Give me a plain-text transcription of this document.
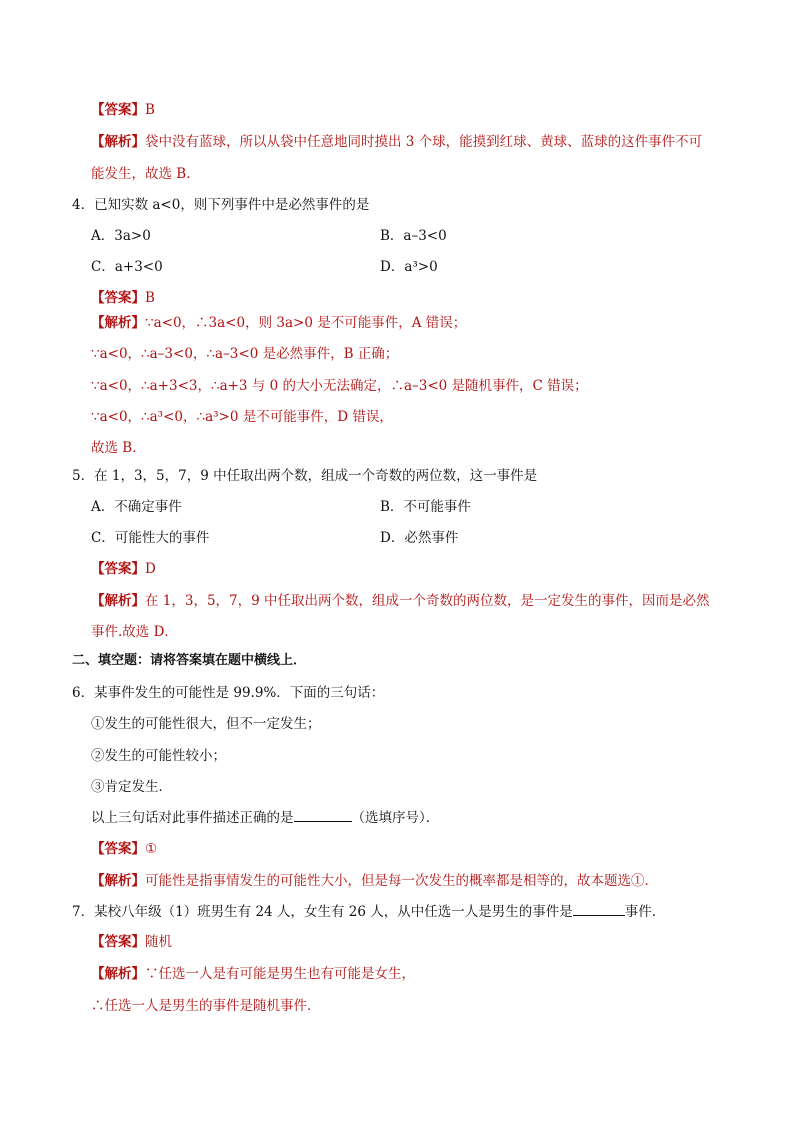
【答案】B
【解析】袋中没有蓝球，所以从袋中任意地同时摸出 3 个球，能摸到红球、黄球、蓝球的这件事件不可
能发生，故选 B．
4．已知实数 a<0，则下列事件中是必然事件的是
A．3a>0	B．a–3<0
C．a+3<0	D．a³>0
【答案】B
【解析】∵a<0，∴3a<0，则 3a>0 是不可能事件，A 错误；
∵a<0，∴a–3<0，∴a–3<0 是必然事件，B 正确；
∵a<0，∴a+3<3，∴a+3 与 0 的大小无法确定，∴a–3<0 是随机事件，C 错误；
∵a<0，∴a³<0，∴a³>0 是不可能事件，D 错误，
故选 B．
5．在 1，3，5，7，9 中任取出两个数，组成一个奇数的两位数，这一事件是
A．不确定事件	B．不可能事件
C．可能性大的事件	D．必然事件
【答案】D
【解析】在 1，3，5，7，9 中任取出两个数，组成一个奇数的两位数，是一定发生的事件，因而是必然
事件.故选 D．
二、填空题：请将答案填在题中横线上．
6．某事件发生的可能性是 99.9%．下面的三句话：
①发生的可能性很大，但不一定发生；
②发生的可能性较小；
③肯定发生．
以上三句话对此事件描述正确的是	（选填序号）．
【答案】①
【解析】可能性是指事情发生的可能性大小，但是每一次发生的概率都是相等的，故本题选①．
7．某校八年级（1）班男生有 24 人，女生有 26 人，从中任选一人是男生的事件是	事件.
【答案】随机
【解析】∵任选一人是有可能是男生也有可能是女生，
∴任选一人是男生的事件是随机事件．
